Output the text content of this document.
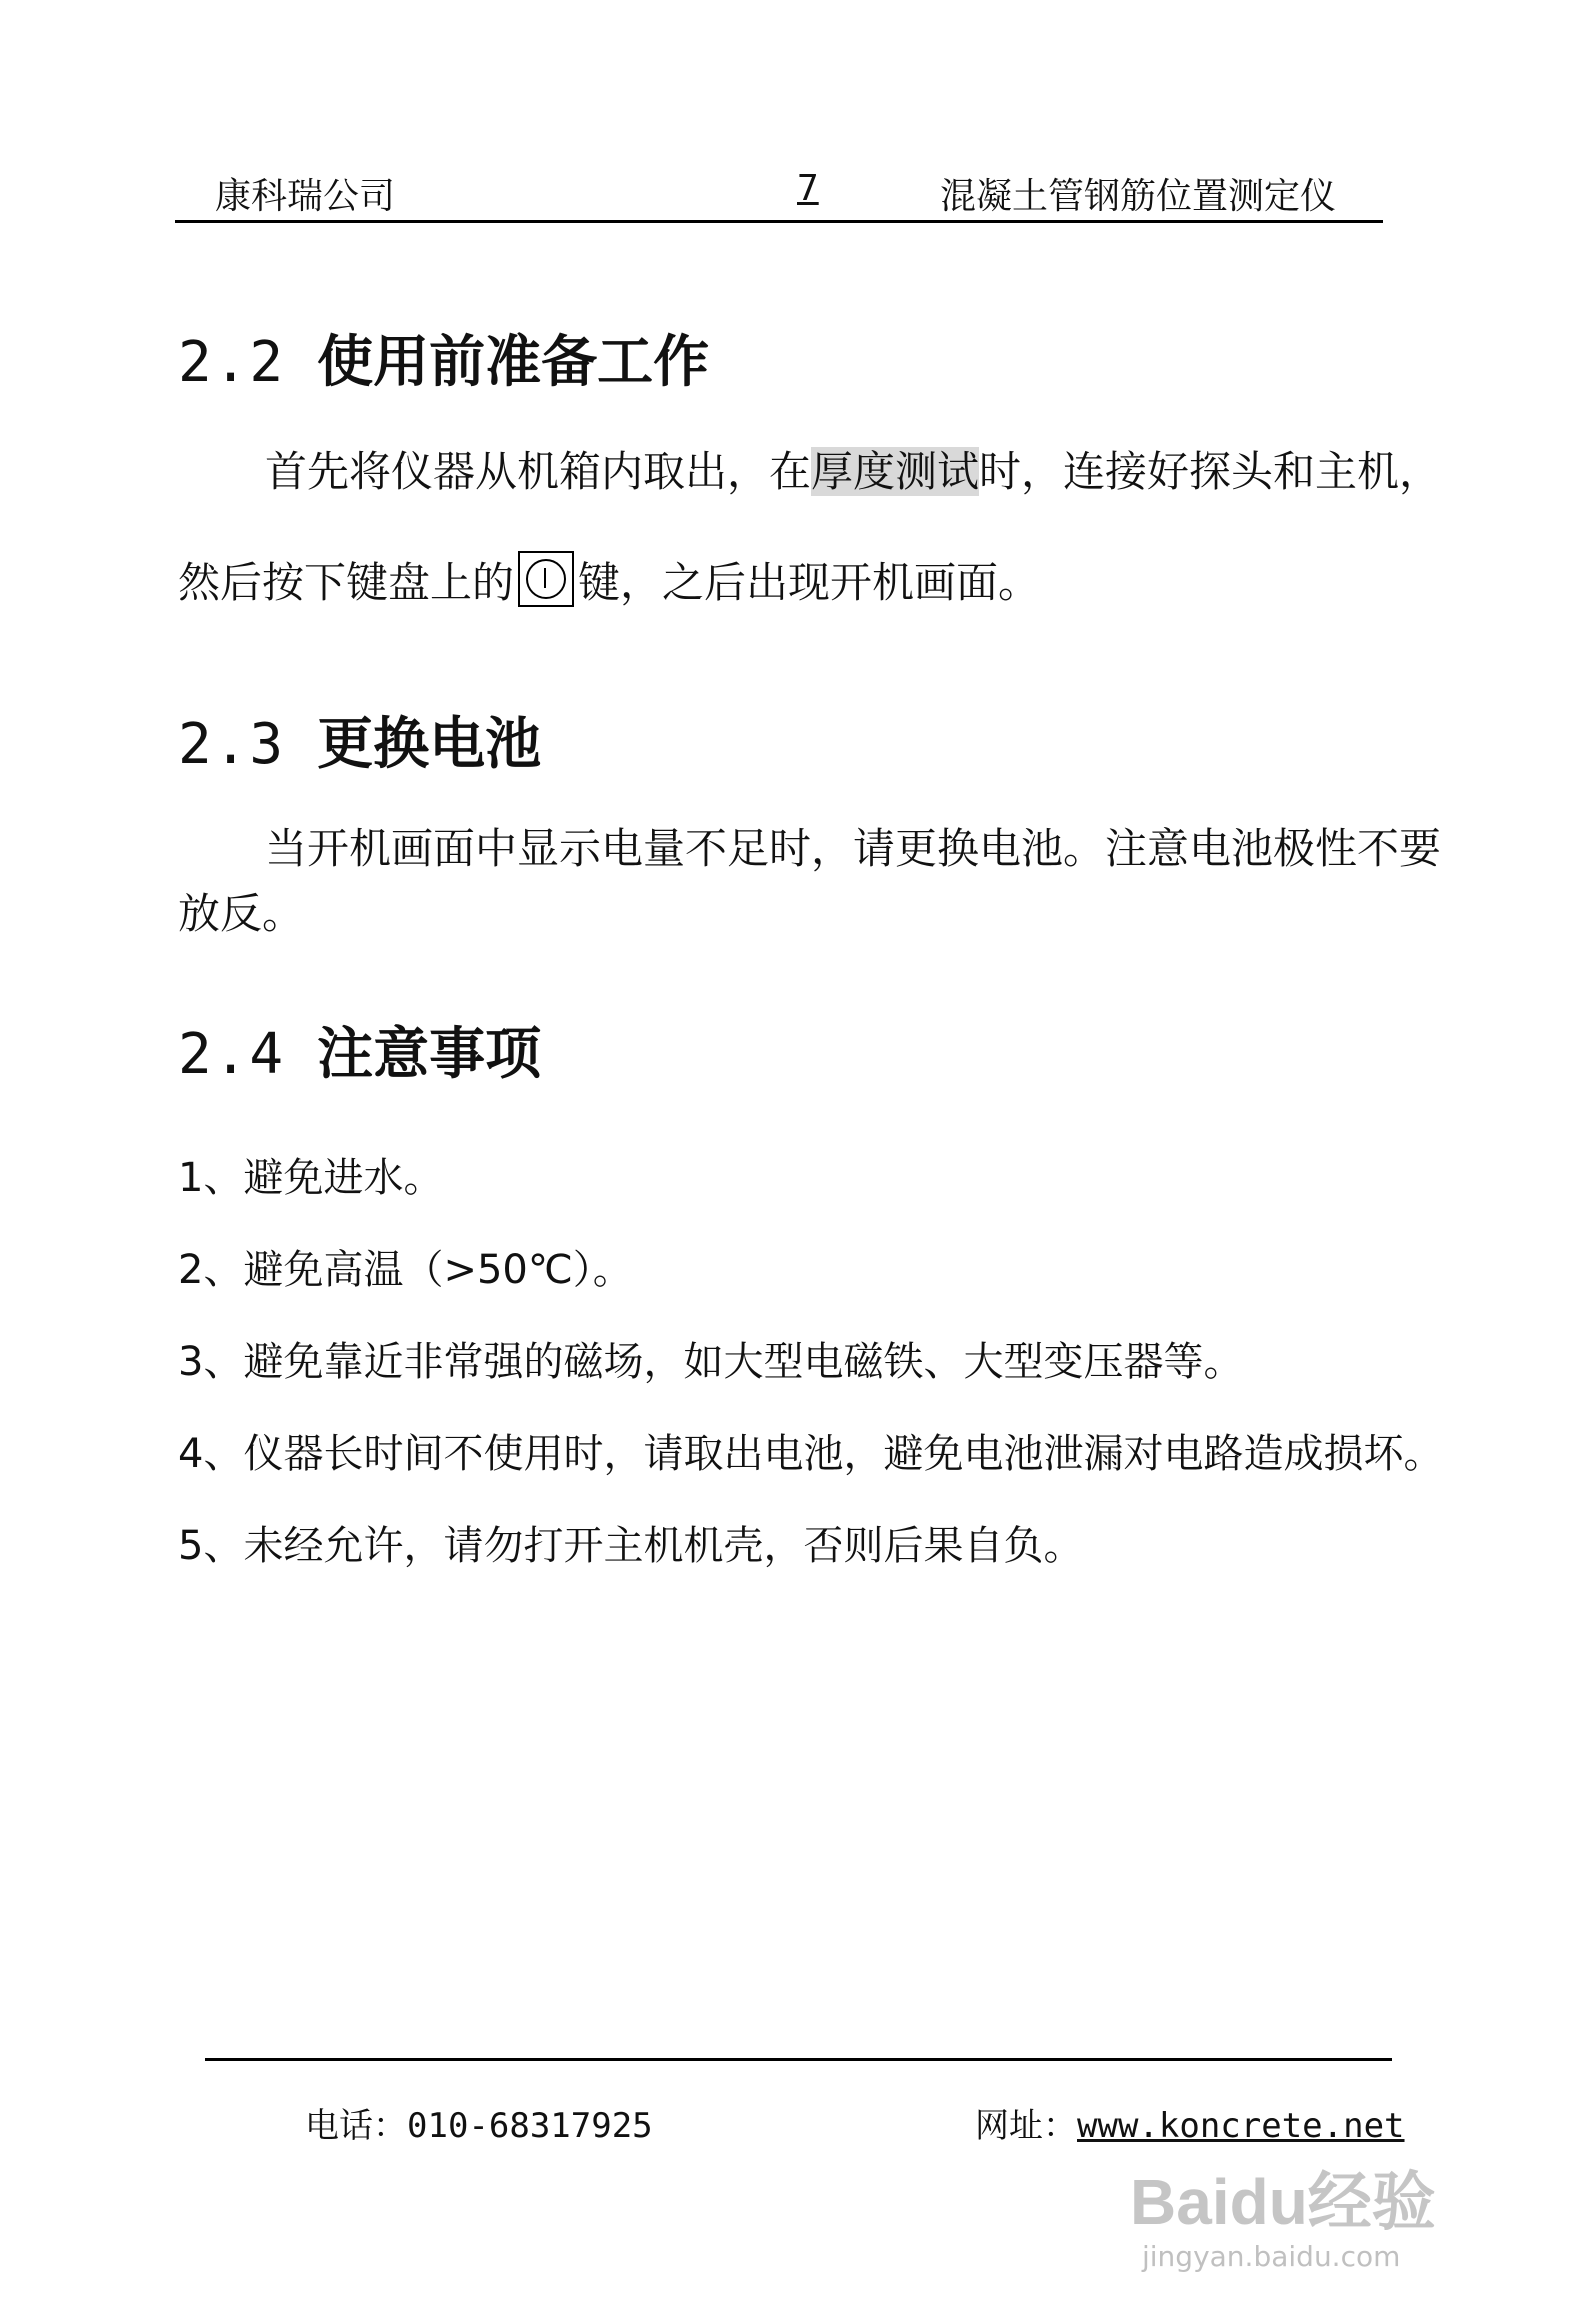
康科瑞公司	7	混凝土管钢筋位置测定仪
2.2 使用前准备工作
首先将仪器从机箱内取出，在厚度测试时，连接好探头和主机，
然后按下键盘上的 键，之后出现开机画面。
2.3 更换电池
当开机画面中显示电量不足时，请更换电池。注意电池极性不要
放反。
2.4 注意事项
1、避免进水。
2、避免高温（>50℃）。
3、避免靠近非常强的磁场，如大型电磁铁、大型变压器等。
4、仪器长时间不使用时，请取出电池，避免电池泄漏对电路造成损坏。
5、未经允许，请勿打开主机机壳，否则后果自负。
电话：010-68317925	网址：www.koncrete.net
Baidu经验
jingyan.baidu.com
